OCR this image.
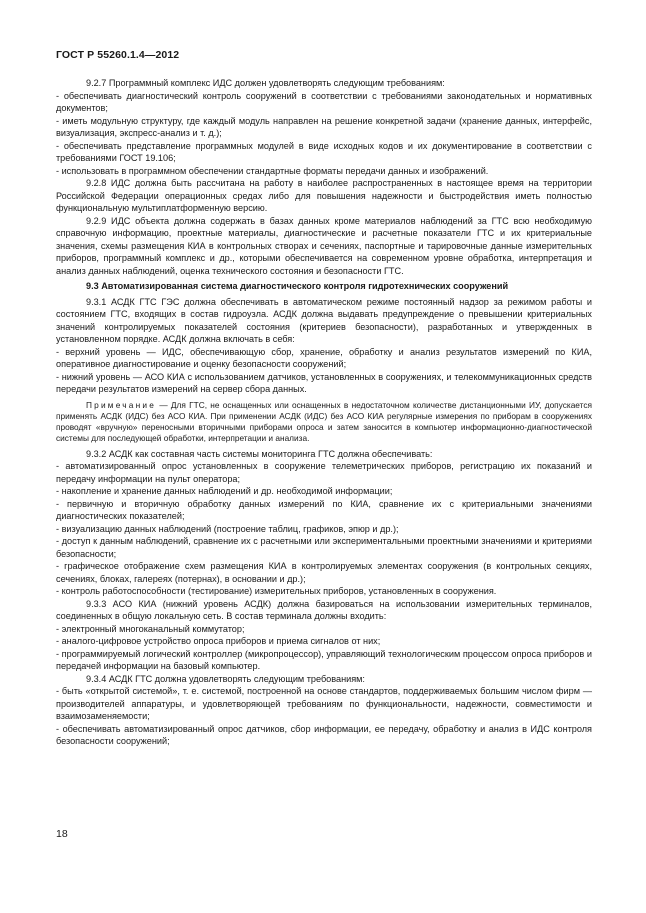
ГОСТ Р 55260.1.4—2012

9.2.7 Программный комплекс ИДС должен удовлетворять следующим требованиям:

- обеспечивать диагностический контроль сооружений в соответствии с требованиями законодательных и нормативных документов;

- иметь модульную структуру, где каждый модуль направлен на решение конкретной задачи (хранение данных, интерфейс, визуализация, экспресс-анализ и т. д.);

- обеспечивать представление программных модулей в виде исходных кодов и их документирование в соответствии с требованиями ГОСТ 19.106;

- использовать в программном обеспечении стандартные форматы передачи данных и изображений.

9.2.8 ИДС должна быть рассчитана на работу в наиболее распространенных в настоящее время на территории Российской Федерации операционных средах либо для повышения надежности и быстродействия иметь полностью функциональную мультиплатформенную версию.

9.2.9 ИДС объекта должна содержать в базах данных кроме материалов наблюдений за ГТС всю необходимую справочную информацию, проектные материалы, диагностические и расчетные показатели ГТС и их критериальные значения, схемы размещения КИА в контрольных створах и сечениях, паспортные и тарировочные данные измерительных приборов, программный комплекс и др., которыми обеспечивается на современном уровне обработка, интерпретация и анализ данных наблюдений, оценка технического состояния и безопасности ГТС.

9.3 Автоматизированная система диагностического контроля гидротехнических сооружений

9.3.1 АСДК ГТС ГЭС должна обеспечивать в автоматическом режиме постоянный надзор за режимом работы и состоянием ГТС, входящих в состав гидроузла. АСДК должна выдавать предупреждение о превышении критериальных значений контролируемых показателей состояния (критериев безопасности), разработанных и утвержденных в установленном порядке. АСДК должна включать в себя:

- верхний уровень — ИДС, обеспечивающую сбор, хранение, обработку и анализ результатов измерений по КИА, оперативное диагностирование и оценку безопасности сооружений;

- нижний уровень — АСО КИА с использованием датчиков, установленных в сооружениях, и телекоммуникационных средств передачи результатов измерений на сервер сбора данных.

Примечание — Для ГТС, не оснащенных или оснащенных в недостаточном количестве дистанционными ИУ, допускается применять АСДК (ИДС) без АСО КИА. При применении АСДК (ИДС) без АСО КИА регулярные измерения по приборам в сооружениях проводят «вручную» переносными вторичными приборами опроса и затем заносится в компьютер информационно-диагностической системы для последующей обработки, интерпретации и анализа.

9.3.2 АСДК как составная часть системы мониторинга ГТС должна обеспечивать:

- автоматизированный опрос установленных в сооружение телеметрических приборов, регистрацию их показаний и передачу информации на пульт оператора;

- накопление и хранение данных наблюдений и др. необходимой информации;

- первичную и вторичную обработку данных измерений по КИА, сравнение их с критериальными значениями диагностических показателей;

- визуализацию данных наблюдений (построение таблиц, графиков, эпюр и др.);

- доступ к данным наблюдений, сравнение их с расчетными или экспериментальными проектными значениями и критериями безопасности;

- графическое отображение схем размещения КИА в контролируемых элементах сооружения (в контрольных секциях, сечениях, блоках, галереях (потернах), в основании и др.);

- контроль работоспособности (тестирование) измерительных приборов, установленных в сооружения.

9.3.3 АСО КИА (нижний уровень АСДК) должна базироваться на использовании измерительных терминалов, соединенных в общую локальную сеть. В состав терминала должны входить:

- электронный многоканальный коммутатор;

- аналого-цифровое устройство опроса приборов и приема сигналов от них;

- программируемый логический контроллер (микропроцессор), управляющий технологическим процессом опроса приборов и передачей информации на базовый компьютер.

9.3.4 АСДК ГТС должна удовлетворять следующим требованиям:

- быть «открытой системой», т. е. системой, построенной на основе стандартов, поддерживаемых большим числом фирм — производителей аппаратуры, и удовлетворяющей требованиям по функциональности, надежности, совместимости и взаимозаменяемости;

- обеспечивать автоматизированный опрос датчиков, сбор информации, ее передачу, обработку и анализ в ИДС контроля безопасности сооружений;

18
